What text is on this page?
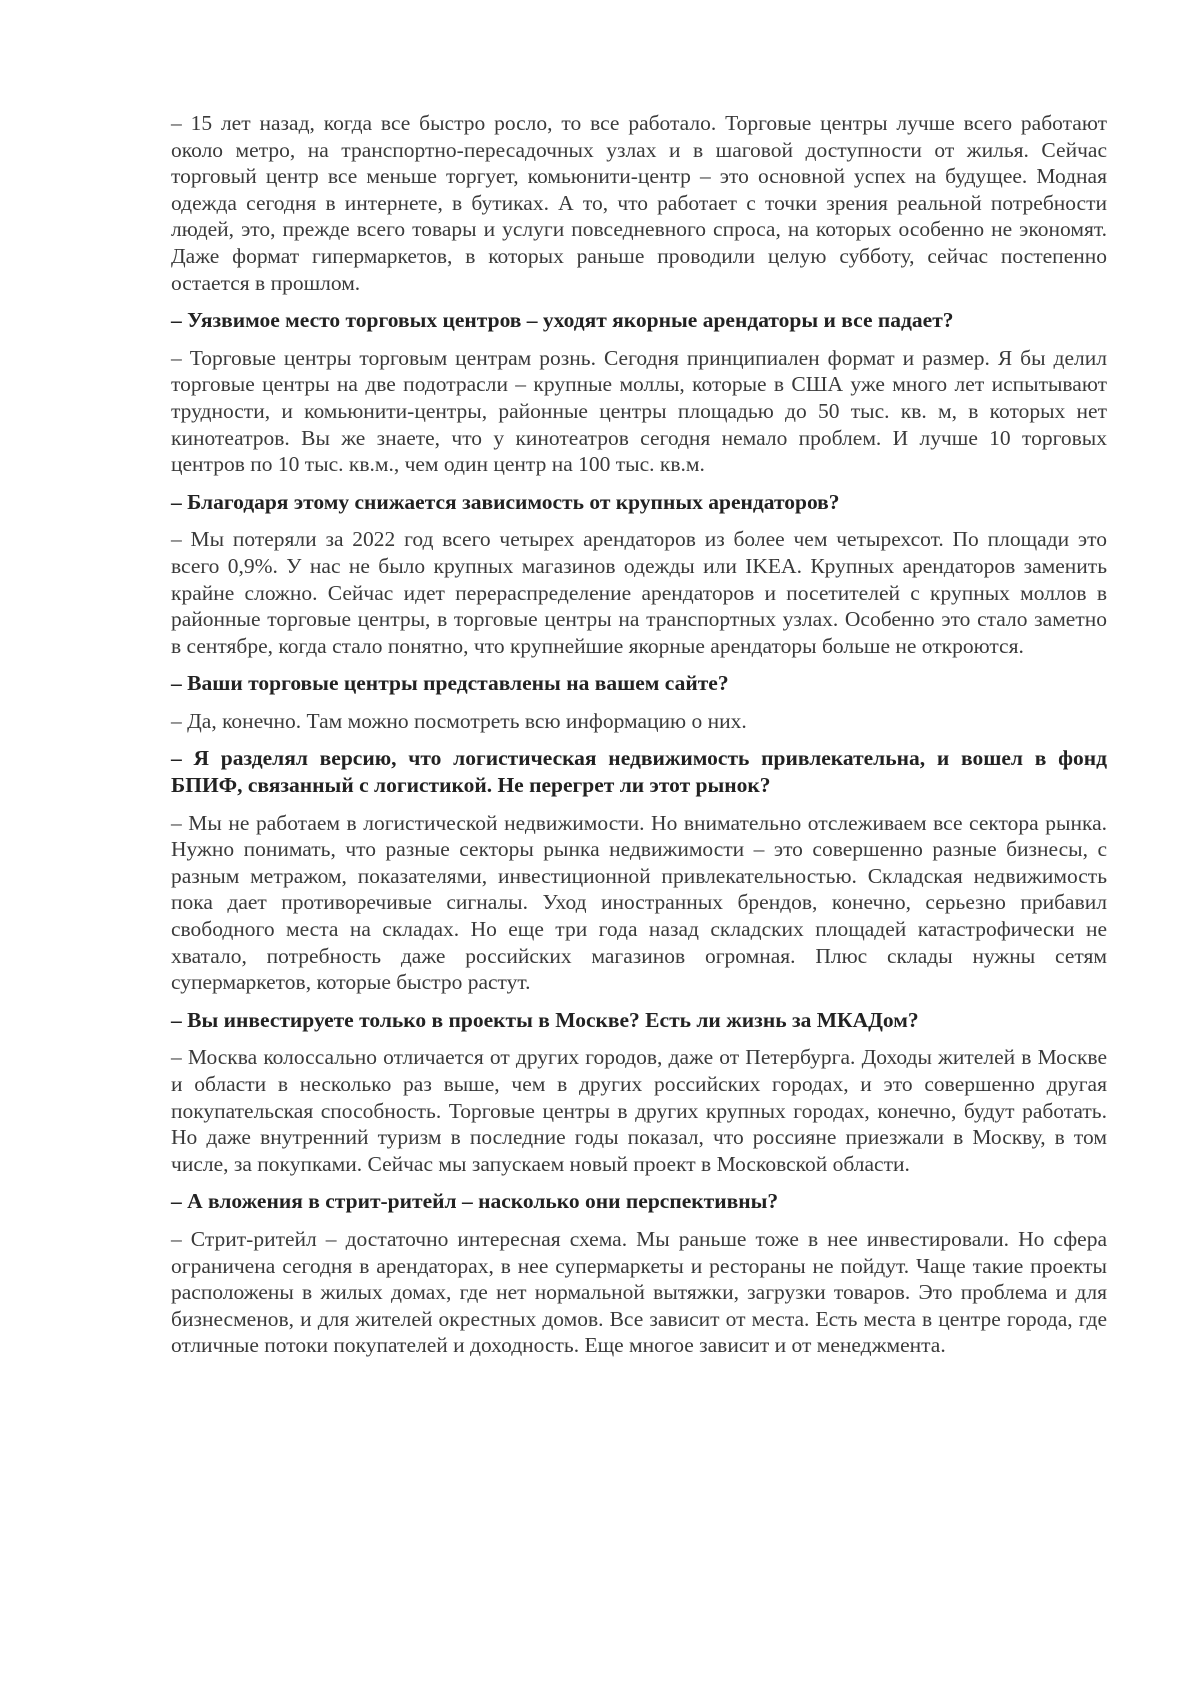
– 15 лет назад, когда все быстро росло, то все работало. Торговые центры лучше всего работают около метро, на транспортно-пересадочных узлах и в шаговой доступности от жилья. Сейчас торговый центр все меньше торгует, комьюнити-центр – это основной успех на будущее. Модная одежда сегодня в интернете, в бутиках. А то, что работает с точки зрения реальной потребности людей, это, прежде всего товары и услуги повседневного спроса, на которых особенно не экономят. Даже формат гипермаркетов, в которых раньше проводили целую субботу, сейчас постепенно остается в прошлом.

– Уязвимое место торговых центров – уходят якорные арендаторы и все падает?

– Торговые центры торговым центрам рознь. Сегодня принципиален формат и размер. Я бы делил торговые центры на две подотрасли – крупные моллы, которые в США уже много лет испытывают трудности, и комьюнити-центры, районные центры площадью до 50 тыс. кв. м, в которых нет кинотеатров. Вы же знаете, что у кинотеатров сегодня немало проблем. И лучше 10 торговых центров по 10 тыс. кв.м., чем один центр на 100 тыс. кв.м.

– Благодаря этому снижается зависимость от крупных арендаторов?

– Мы потеряли за 2022 год всего четырех арендаторов из более чем четырехсот. По площади это всего 0,9%. У нас не было крупных магазинов одежды или IKEA. Крупных арендаторов заменить крайне сложно. Сейчас идет перераспределение арендаторов и посетителей с крупных моллов в районные торговые центры, в торговые центры на транспортных узлах. Особенно это стало заметно в сентябре, когда стало понятно, что крупнейшие якорные арендаторы больше не откроются.

– Ваши торговые центры представлены на вашем сайте?

– Да, конечно. Там можно посмотреть всю информацию о них.

– Я разделял версию, что логистическая недвижимость привлекательна, и вошел в фонд БПИФ, связанный с логистикой. Не перегрет ли этот рынок?

– Мы не работаем в логистической недвижимости. Но внимательно отслеживаем все сектора рынка. Нужно понимать, что разные секторы рынка недвижимости – это совершенно разные бизнесы, с разным метражом, показателями, инвестиционной привлекательностью. Складская недвижимость пока дает противоречивые сигналы. Уход иностранных брендов, конечно, серьезно прибавил свободного места на складах. Но еще три года назад складских площадей катастрофически не хватало, потребность даже российских магазинов огромная. Плюс склады нужны сетям супермаркетов, которые быстро растут.

– Вы инвестируете только в проекты в Москве? Есть ли жизнь за МКАДом?

– Москва колоссально отличается от других городов, даже от Петербурга. Доходы жителей в Москве и области в несколько раз выше, чем в других российских городах, и это совершенно другая покупательская способность. Торговые центры в других крупных городах, конечно, будут работать. Но даже внутренний туризм в последние годы показал, что россияне приезжали в Москву, в том числе, за покупками. Сейчас мы запускаем новый проект в Московской области.

– А вложения в стрит-ритейл – насколько они перспективны?

– Стрит-ритейл – достаточно интересная схема. Мы раньше тоже в нее инвестировали. Но сфера ограничена сегодня в арендаторах, в нее супермаркеты и рестораны не пойдут. Чаще такие проекты расположены в жилых домах, где нет нормальной вытяжки, загрузки товаров. Это проблема и для бизнесменов, и для жителей окрестных домов. Все зависит от места. Есть места в центре города, где отличные потоки покупателей и доходность. Еще многое зависит и от менеджмента.
